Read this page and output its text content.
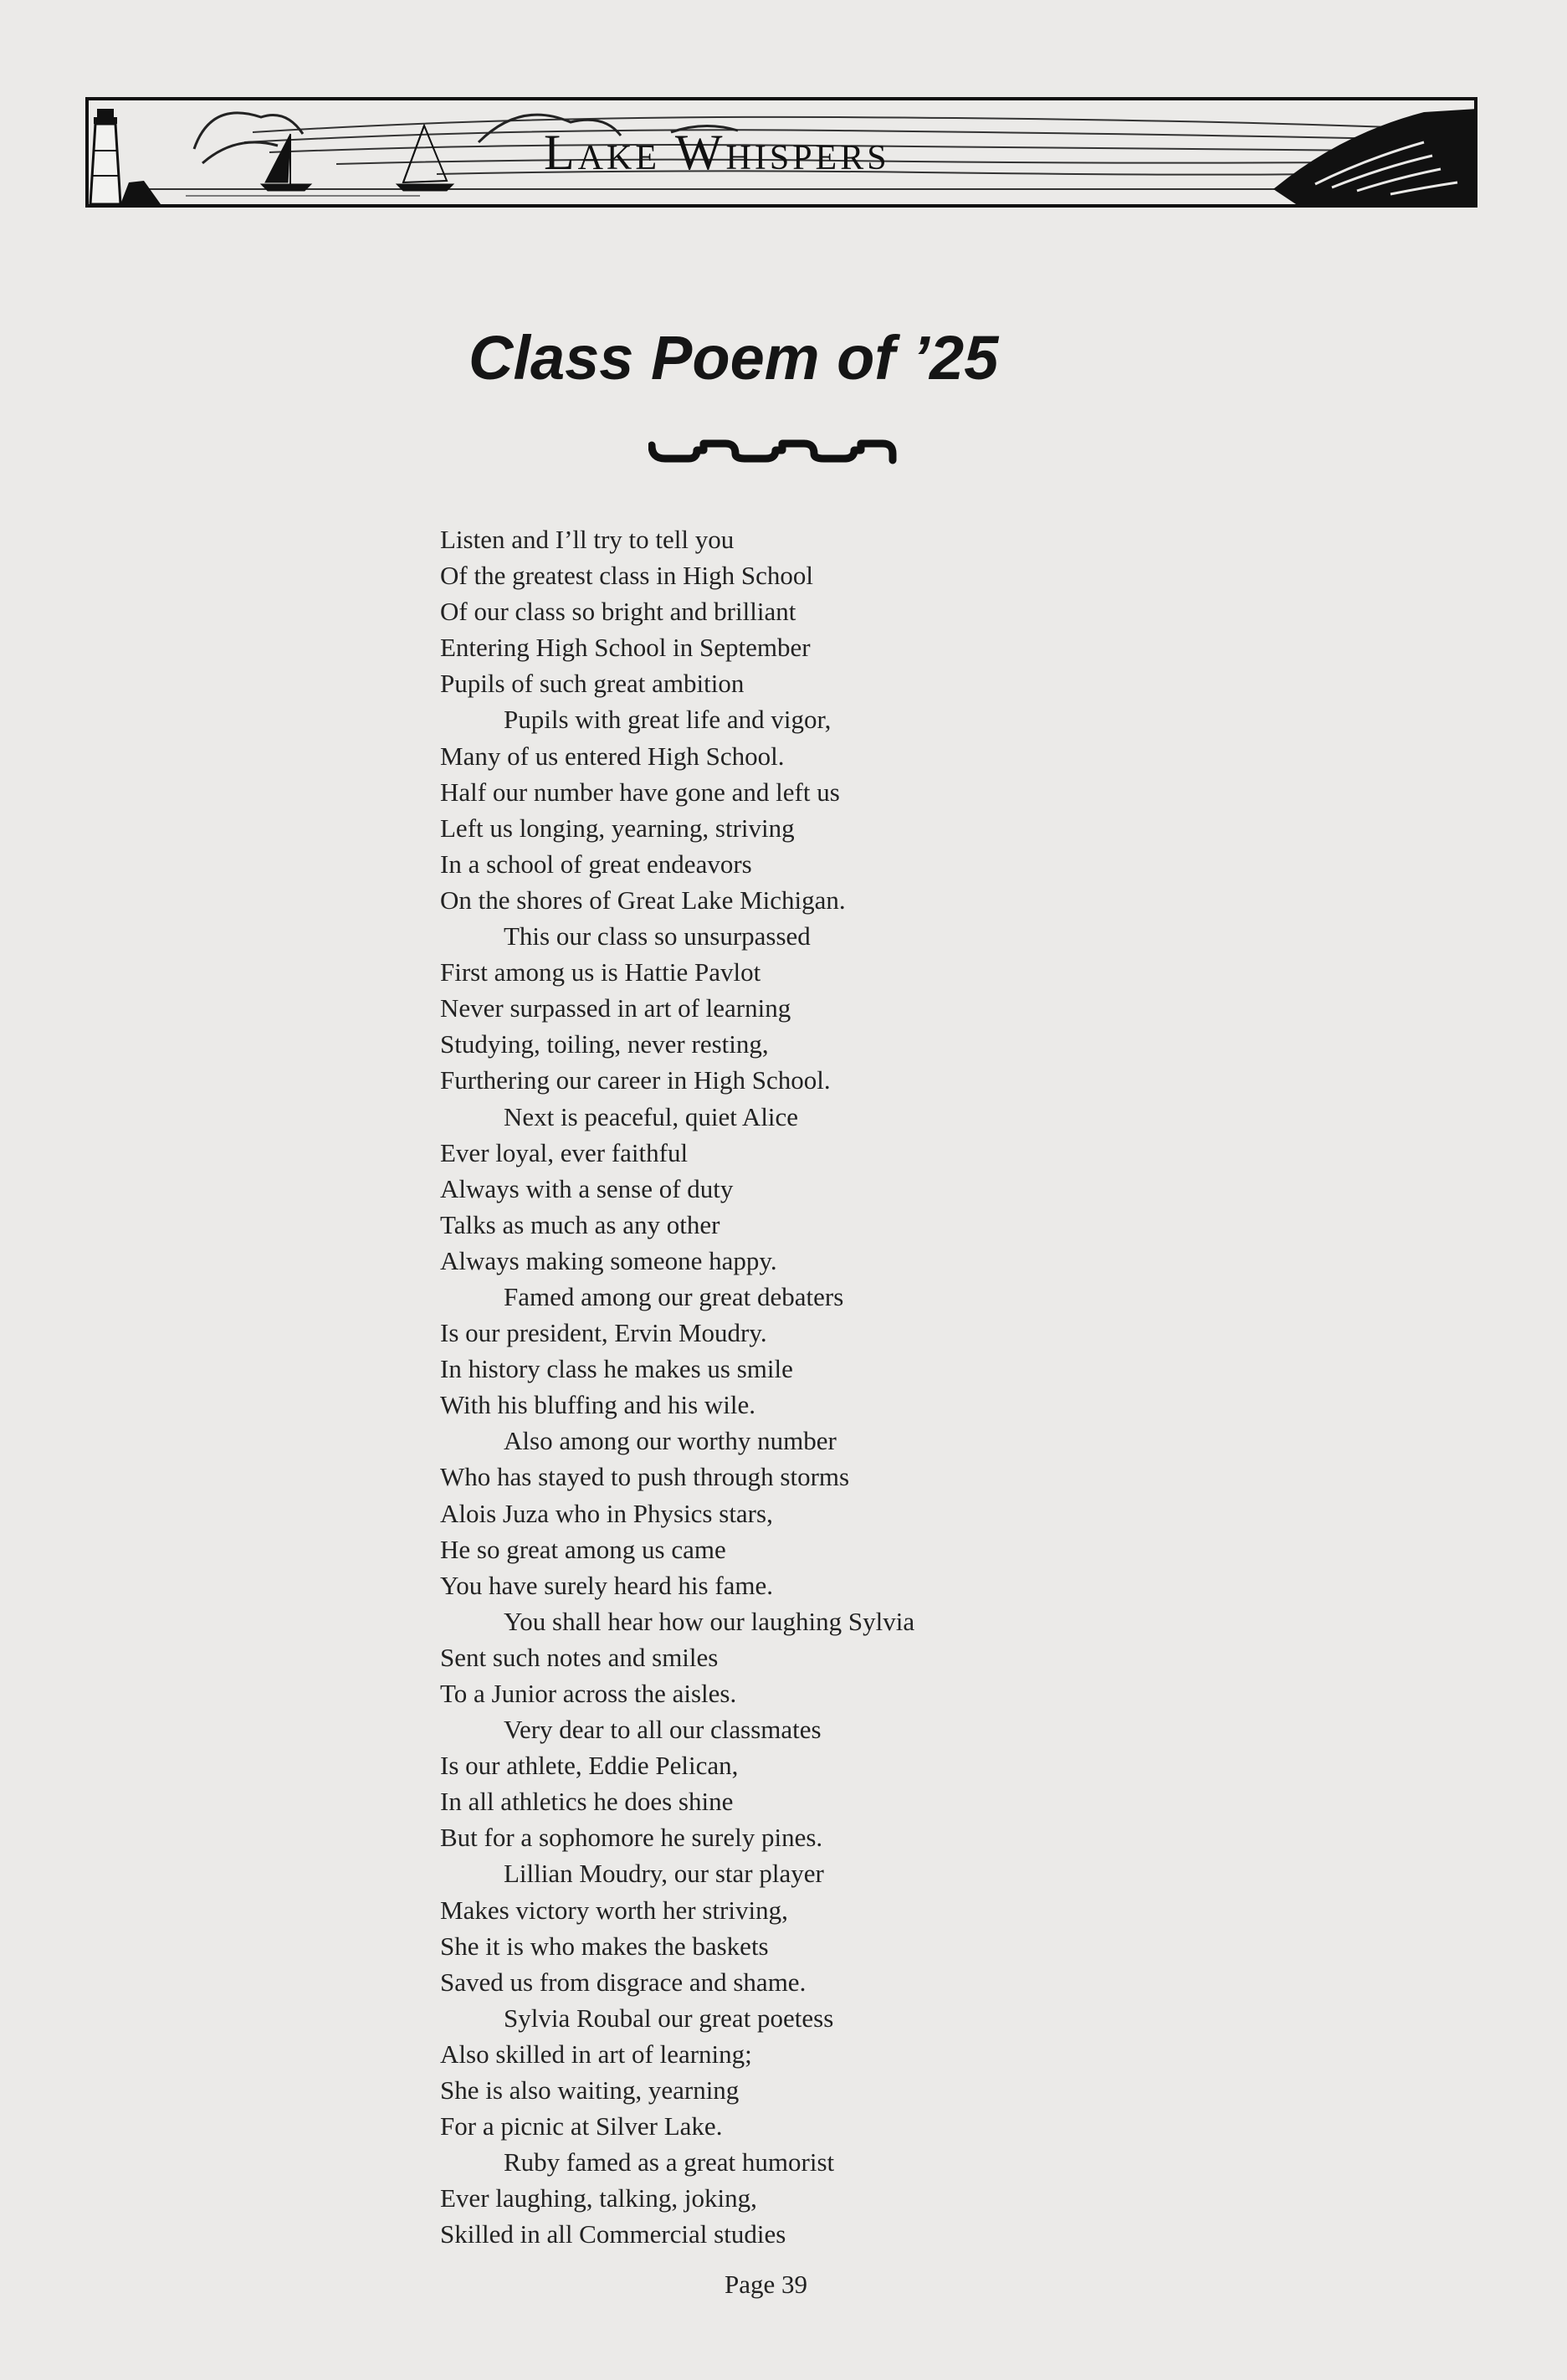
Lake Whispers
Class Poem of ’25
Listen and I’ll try to tell you
Of the greatest class in High School
Of our class so bright and brilliant
Entering High School in September
Pupils of such great ambition
Pupils with great life and vigor,
Many of us entered High School.
Half our number have gone and left us
Left us longing, yearning, striving
In a school of great endeavors
On the shores of Great Lake Michigan.
This our class so unsurpassed
First among us is Hattie Pavlot
Never surpassed in art of learning
Studying, toiling, never resting,
Furthering our career in High School.
Next is peaceful, quiet Alice
Ever loyal, ever faithful
Always with a sense of duty
Talks as much as any other
Always making someone happy.
Famed among our great debaters
Is our president, Ervin Moudry.
In history class he makes us smile
With his bluffing and his wile.
Also among our worthy number
Who has stayed to push through storms
Alois Juza who in Physics stars,
He so great among us came
You have surely heard his fame.
You shall hear how our laughing Sylvia
Sent such notes and smiles
To a Junior across the aisles.
Very dear to all our classmates
Is our athlete, Eddie Pelican,
In all athletics he does shine
But for a sophomore he surely pines.
Lillian Moudry, our star player
Makes victory worth her striving,
She it is who makes the baskets
Saved us from disgrace and shame.
Sylvia Roubal our great poetess
Also skilled in art of learning;
She is also waiting, yearning
For a picnic at Silver Lake.
Ruby famed as a great humorist
Ever laughing, talking, joking,
Skilled in all Commercial studies
Page 39
